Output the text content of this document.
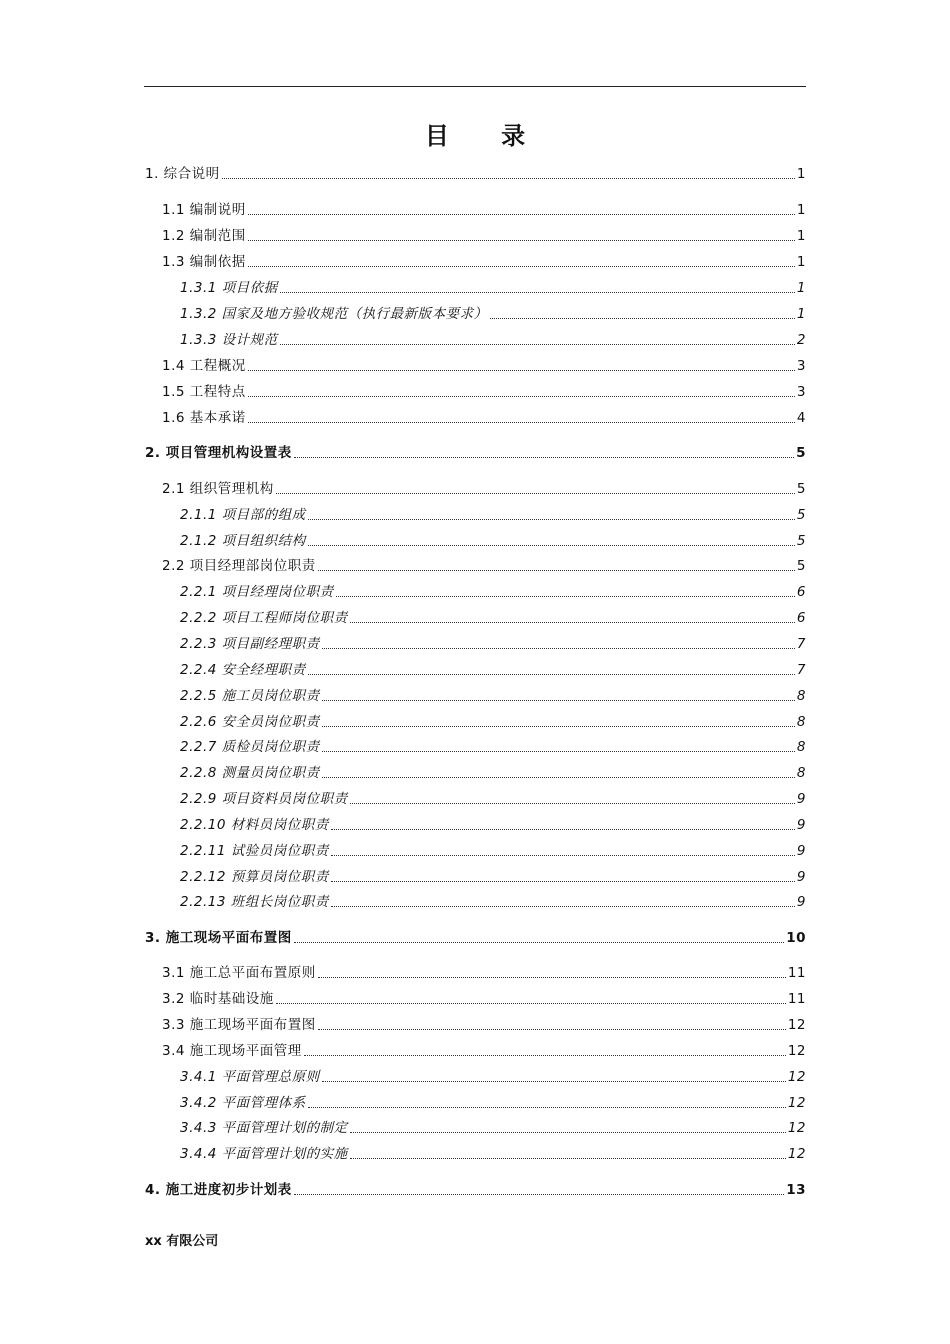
目 录
1. 综合说明	1
1.1 编制说明	1
1.2 编制范围	1
1.3 编制依据	1
1.3.1 项目依据	1
1.3.2 国家及地方验收规范（执行最新版本要求）	1
1.3.3 设计规范	2
1.4 工程概况	3
1.5 工程特点	3
1.6 基本承诺	4
2. 项目管理机构设置表	5
2.1 组织管理机构	5
2.1.1 项目部的组成	5
2.1.2 项目组织结构	5
2.2 项目经理部岗位职责	5
2.2.1 项目经理岗位职责	6
2.2.2 项目工程师岗位职责	6
2.2.3 项目副经理职责	7
2.2.4 安全经理职责	7
2.2.5 施工员岗位职责	8
2.2.6 安全员岗位职责	8
2.2.7 质检员岗位职责	8
2.2.8 测量员岗位职责	8
2.2.9 项目资料员岗位职责	9
2.2.10 材料员岗位职责	9
2.2.11 试验员岗位职责	9
2.2.12 预算员岗位职责	9
2.2.13 班组长岗位职责	9
3. 施工现场平面布置图	10
3.1 施工总平面布置原则	11
3.2 临时基础设施	11
3.3 施工现场平面布置图	12
3.4 施工现场平面管理	12
3.4.1 平面管理总原则	12
3.4.2 平面管理体系	12
3.4.3 平面管理计划的制定	12
3.4.4 平面管理计划的实施	12
4. 施工进度初步计划表	13
xx 有限公司
